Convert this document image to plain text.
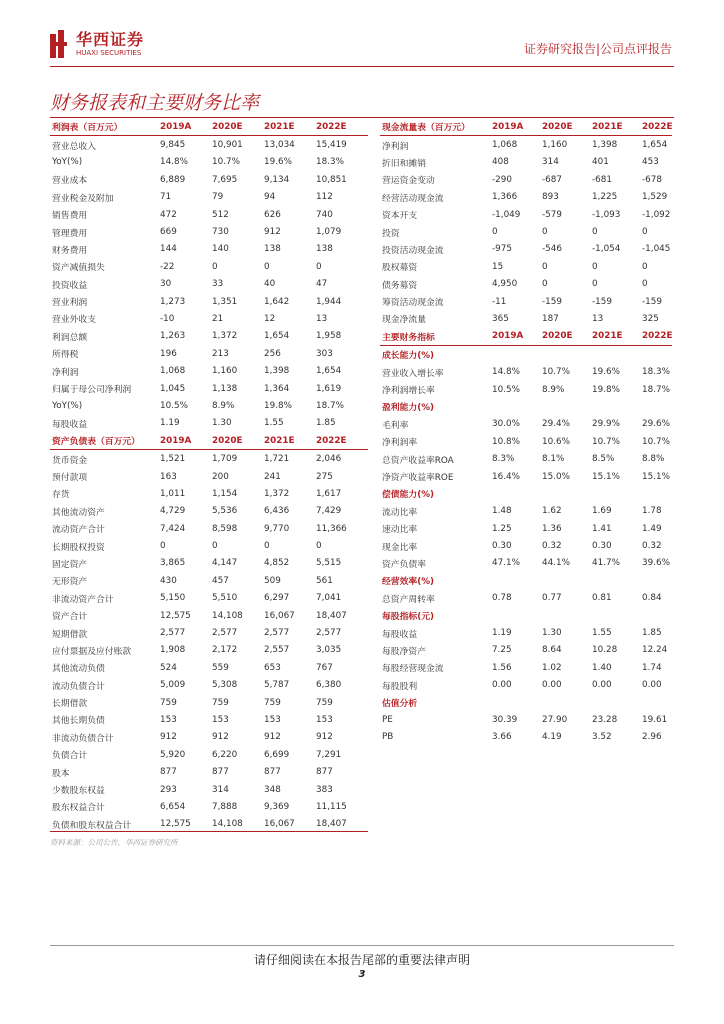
华西证券
HUAXI SECURITIES	证券研究报告|公司点评报告
财务报表和主要财务比率
利润表（百万元）	2019A	2020E	2021E	2022E
营业总收入	9,845	10,901	13,034	15,419
YoY(%)	14.8%	10.7%	19.6%	18.3%
营业成本	6,889	7,695	9,134	10,851
营业税金及附加	71	79	94	112
销售费用	472	512	626	740
管理费用	669	730	912	1,079
财务费用	144	140	138	138
资产减值损失	-22	0	0	0
投资收益	30	33	40	47
营业利润	1,273	1,351	1,642	1,944
营业外收支	-10	21	12	13
利润总额	1,263	1,372	1,654	1,958
所得税	196	213	256	303
净利润	1,068	1,160	1,398	1,654
归属于母公司净利润	1,045	1,138	1,364	1,619
YoY(%)	10.5%	8.9%	19.8%	18.7%
每股收益	1.19	1.30	1.55	1.85
资产负债表（百万元）	2019A	2020E	2021E	2022E
货币资金	1,521	1,709	1,721	2,046
预付款项	163	200	241	275
存货	1,011	1,154	1,372	1,617
其他流动资产	4,729	5,536	6,436	7,429
流动资产合计	7,424	8,598	9,770	11,366
长期股权投资	0	0	0	0
固定资产	3,865	4,147	4,852	5,515
无形资产	430	457	509	561
非流动资产合计	5,150	5,510	6,297	7,041
资产合计	12,575	14,108	16,067	18,407
短期借款	2,577	2,577	2,577	2,577
应付票据及应付账款	1,908	2,172	2,557	3,035
其他流动负债	524	559	653	767
流动负债合计	5,009	5,308	5,787	6,380
长期借款	759	759	759	759
其他长期负债	153	153	153	153
非流动负债合计	912	912	912	912
负债合计	5,920	6,220	6,699	7,291
股本	877	877	877	877
少数股东权益	293	314	348	383
股东权益合计	6,654	7,888	9,369	11,115
负债和股东权益合计	12,575	14,108	16,067	18,407
现金流量表（百万元）	2019A	2020E	2021E	2022E
净利润	1,068	1,160	1,398	1,654
折旧和摊销	408	314	401	453
营运资金变动	-290	-687	-681	-678
经营活动现金流	1,366	893	1,225	1,529
资本开支	-1,049	-579	-1,093	-1,092
投资	0	0	0	0
投资活动现金流	-975	-546	-1,054	-1,045
股权募资	15	0	0	0
债务募资	4,950	0	0	0
筹资活动现金流	-11	-159	-159	-159
现金净流量	365	187	13	325
主要财务指标	2019A	2020E	2021E	2022E
成长能力(%)				
营业收入增长率	14.8%	10.7%	19.6%	18.3%
净利润增长率	10.5%	8.9%	19.8%	18.7%
盈利能力(%)				
毛利率	30.0%	29.4%	29.9%	29.6%
净利润率	10.8%	10.6%	10.7%	10.7%
总资产收益率ROA	8.3%	8.1%	8.5%	8.8%
净资产收益率ROE	16.4%	15.0%	15.1%	15.1%
偿债能力(%)				
流动比率	1.48	1.62	1.69	1.78
速动比率	1.25	1.36	1.41	1.49
现金比率	0.30	0.32	0.30	0.32
资产负债率	47.1%	44.1%	41.7%	39.6%
经营效率(%)				
总资产周转率	0.78	0.77	0.81	0.84
每股指标(元)				
每股收益	1.19	1.30	1.55	1.85
每股净资产	7.25	8.64	10.28	12.24
每股经营现金流	1.56	1.02	1.40	1.74
每股股利	0.00	0.00	0.00	0.00
估值分析				
PE	30.39	27.90	23.28	19.61
PB	3.66	4.19	3.52	2.96
资料来源：公司公告，华西证券研究所
请仔细阅读在本报告尾部的重要法律声明
3
